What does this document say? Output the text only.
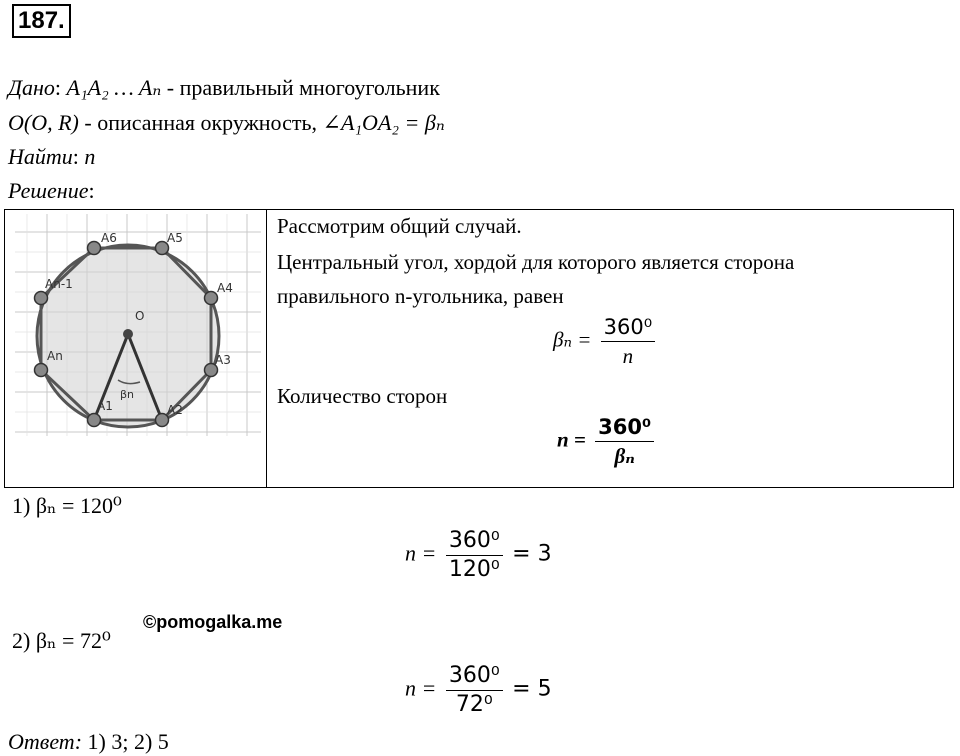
187.
Дано: A₁A₂ … Aₙ - правильный многоугольник
O(O, R) - описанная окружность, ∠A₁OA₂ = βₙ
Найти: n
Решение:
O
βn
A6	A5
A4
A3
A2
A1
An
An-1
Рассмотрим общий случай.
Центральный угол, хордой для которого является сторона
правильного n-угольника, равен
$\beta_n = \frac{\text{360⁰}}{n}$
Количество сторон
$n = \frac{\text{360⁰}}{\text{βₙ}}$
1) βₙ = 120⁰
$n = \frac{\text{360⁰}}{\text{120⁰}} = 3$
©pomogalka.me
2) βₙ = 72⁰
$n = \frac{\text{360⁰}}{\text{72⁰}} = 5$
Ответ: 1) 3; 2) 5
